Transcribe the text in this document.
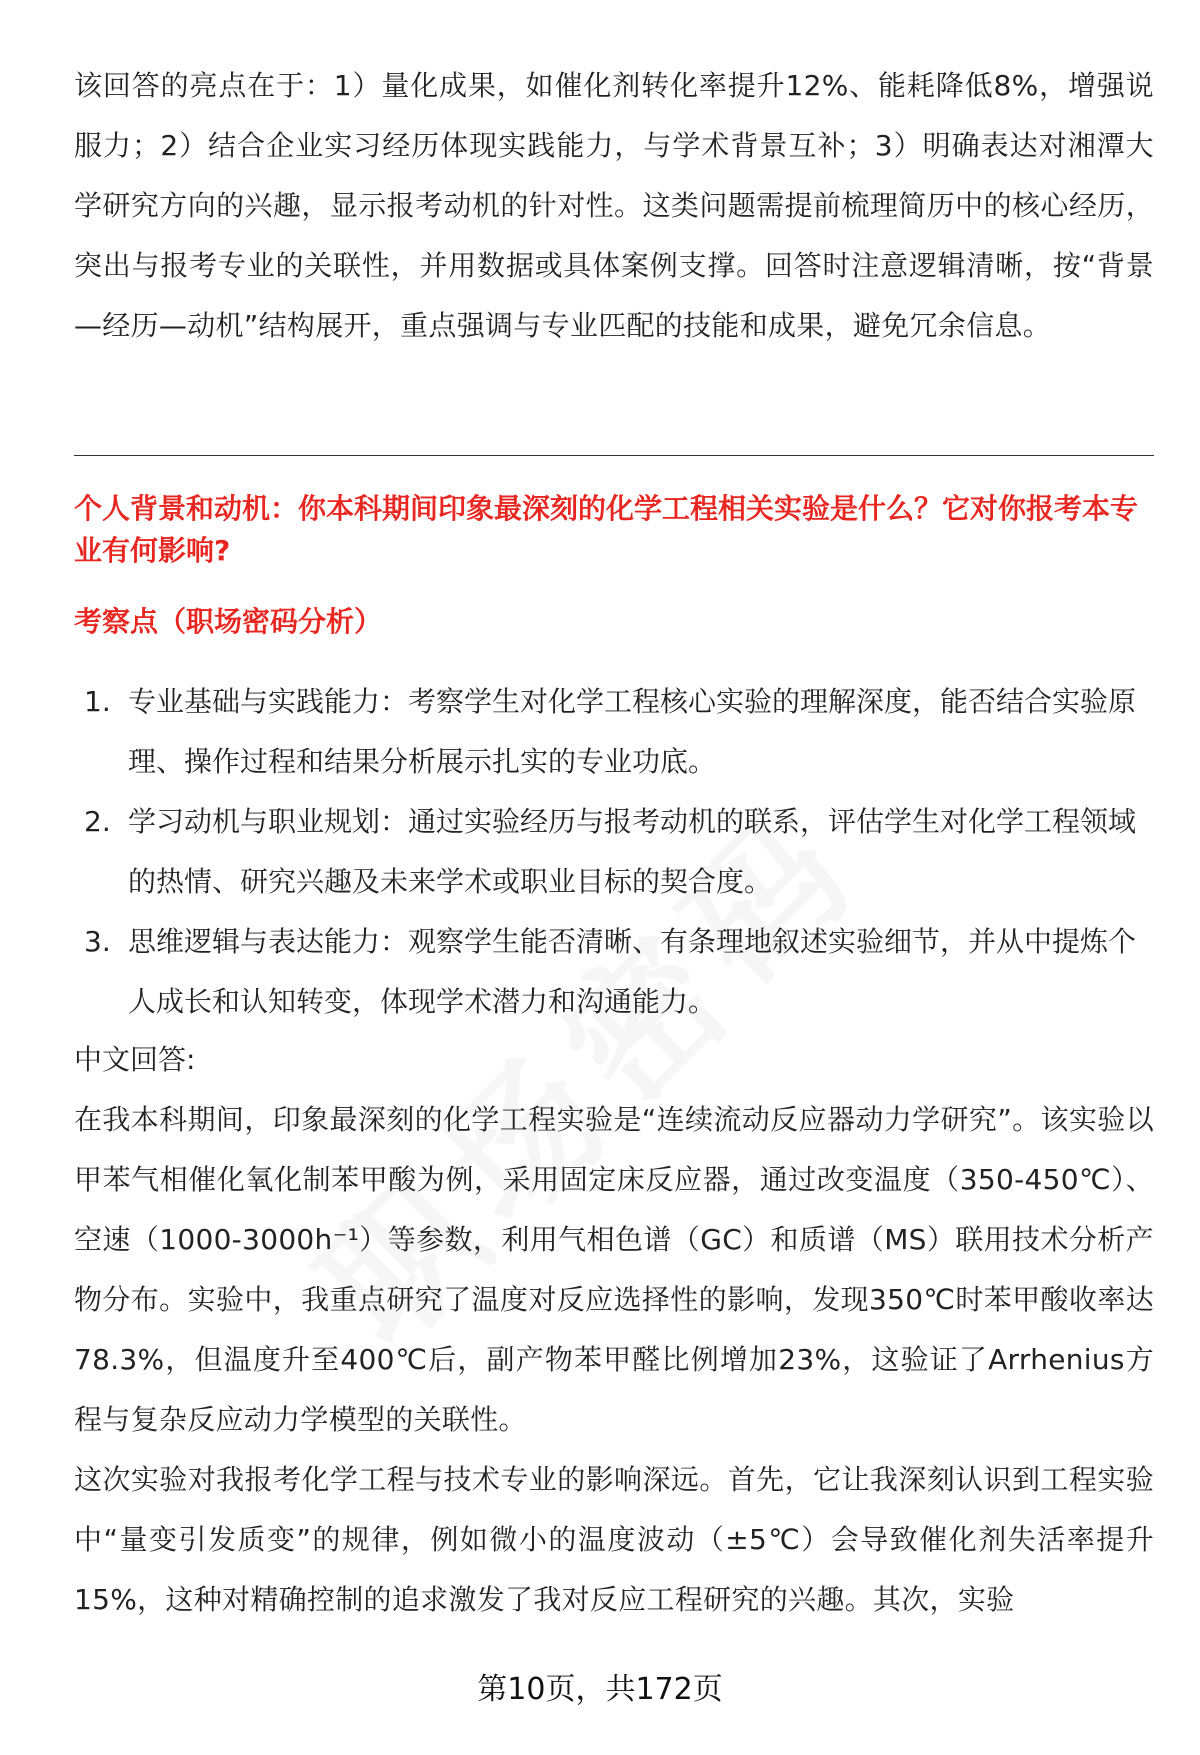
该回答的亮点在于：1）量化成果，如催化剂转化率提升12%、能耗降低8%，增强说服力；2）结合企业实习经历体现实践能力，与学术背景互补；3）明确表达对湘潭大学研究方向的兴趣，显示报考动机的针对性。这类问题需提前梳理简历中的核心经历，突出与报考专业的关联性，并用数据或具体案例支撑。回答时注意逻辑清晰，按“背景—经历—动机”结构展开，重点强调与专业匹配的技能和成果，避免冗余信息。

个人背景和动机：你本科期间印象最深刻的化学工程相关实验是什么？它对你报考本专业有何影响?
考察点（职场密码分析）
1. 专业基础与实践能力：考察学生对化学工程核心实验的理解深度，能否结合实验原理、操作过程和结果分析展示扎实的专业功底。
2. 学习动机与职业规划：通过实验经历与报考动机的联系，评估学生对化学工程领域的热情、研究兴趣及未来学术或职业目标的契合度。
3. 思维逻辑与表达能力：观察学生能否清晰、有条理地叙述实验细节，并从中提炼个人成长和认知转变，体现学术潜力和沟通能力。
中文回答:

在我本科期间，印象最深刻的化学工程实验是“连续流动反应器动力学研究”。该实验以甲苯气相催化氧化制苯甲酸为例，采用固定床反应器，通过改变温度（350-450℃）、空速（1000-3000h⁻¹）等参数，利用气相色谱（GC）和质谱（MS）联用技术分析产物分布。实验中，我重点研究了温度对反应选择性的影响，发现350℃时苯甲酸收率达78.3%，但温度升至400℃后，副产物苯甲醛比例增加23%，这验证了Arrhenius方程与复杂反应动力学模型的关联性。

这次实验对我报考化学工程与技术专业的影响深远。首先，它让我深刻认识到工程实验中“量变引发质变”的规律，例如微小的温度波动（±5℃）会导致催化剂失活率提升15%，这种对精确控制的追求激发了我对反应工程研究的兴趣。其次，实验

第10页，共172页
